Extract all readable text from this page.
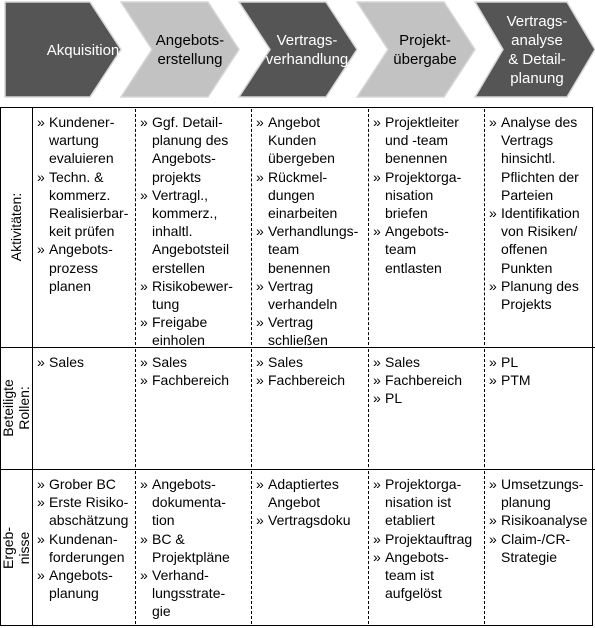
Akquisition
Angebots-
erstellung
Vertrags-
verhandlung
Projekt-
übergabe
Vertrags-
analyse
& Detail-
planung
Aktivitäten:
Beteiligte
Rollen:
Ergeb-
nisse
» Kundener-
wartung
evaluieren
» Techn. &
kommerz.
Realisierbar-
keit prüfen
» Angebots-
prozess
planen
» Ggf. Detail-
planung des
Angebots-
projekts
» Vertragl.,
kommerz.,
inhaltl.
Angebotsteil
erstellen
» Risikobewer-
tung
» Freigabe
einholen
» Angebot
Kunden
übergeben
» Rückmel-
dungen
einarbeiten
» Verhandlungs-
team
benennen
» Vertrag
verhandeln
» Vertrag
schließen
» Projektleiter
und -team
benennen
» Projektorga-
nisation
briefen
» Angebots-
team
entlasten
» Analyse des
Vertrags
hinsichtl.
Pflichten der
Parteien
» Identifikation
von Risiken/
offenen
Punkten
» Planung des
Projekts
» Sales
»	Sales
» Fachbereich
» Sales
» Fachbereich
» Sales
» Fachbereich
» PL
» PL
» PTM
» Grober BC
» Erste Risiko-
abschätzung
» Kundenan-
forderungen
» Angebots-
planung
» Angebots-
dokumenta-
tion
» BC &
Projektpläne
» Verhand-
lungsstrate-
gie
» Adaptiertes
Angebot
» Vertragsdoku
» Projektorga-
nisation ist
etabliert
» Projektauftrag
» Angebots-
team ist
aufgelöst
» Umsetzungs-
planung
» Risikoanalyse
» Claim-/CR-
Strategie
